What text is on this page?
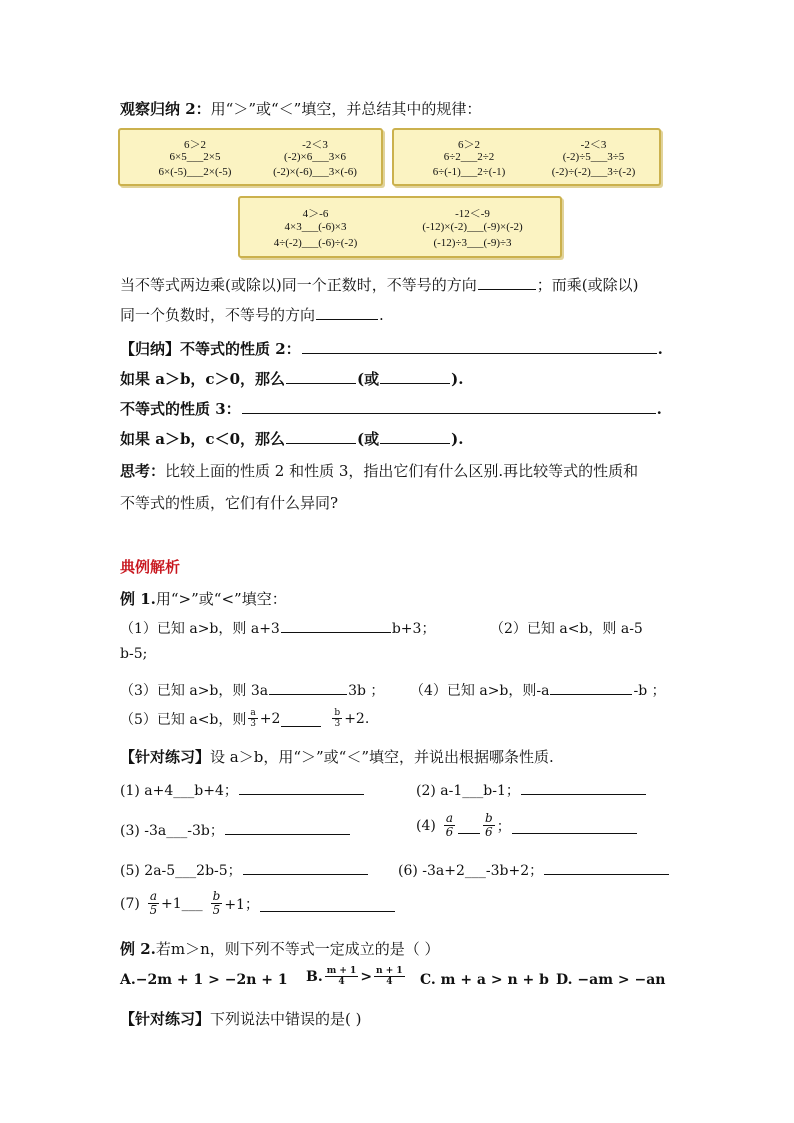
观察归纳 2：用“＞”或“＜”填空，并总结其中的规律：
6＞2
6×5___2×5
6×(-5)___2×(-5)
-2＜3
(-2)×6___3×6
(-2)×(-6)___3×(-6)
6＞2
6÷2___2÷2
6÷(-1)___2÷(-1)
-2＜3
(-2)÷5___3÷5
(-2)÷(-2)___3÷(-2)
4＞-6
4×3___(-6)×3
4÷(-2)___(-6)÷(-2)
-12＜-9
(-12)×(-2)___(-9)×(-2)
(-12)÷3___(-9)÷3
当不等式两边乘(或除以)同一个正数时，不等号的方向	；而乘(或除以)
同一个负数时，不等号的方向	.
【归纳】不等式的性质 2：	.
如果 a＞b，c＞0，那么	(或	).
不等式的性质 3：	.
如果 a＞b，c＜0，那么	(或	).
思考：比较上面的性质 2 和性质 3，指出它们有什么区别.再比较等式的性质和
不等式的性质，它们有什么异同?
典例解析
例 1.用“>”或“<”填空：
（1）已知 a>b，则 a+3	b+3；	（2）已知 a<b，则 a-5
b-5;
（3）已知 a>b，则 3a	3b ； （4）已知 a>b，则-a	-b ；
（5）已知 a<b，则 $\frac{a}{3} +2$	$\frac{b}{3} +2$.
【针对练习】设 a＞b，用“＞”或“＜”填空，并说出根据哪条性质.
(1) a+4___b+4；	(2) a-1___b-1；
(3) -3a___-3b；	$(4) \frac{a}{6} \frac{b}{6}$ ；
(5) 2a-5___2b-5；	(6) -3a+2___-3b+2；
$(7) \frac{a}{5}$ +1___ $\frac{b}{5} +1$；
例 2.若m＞n，则下列不等式一定成立的是（ ）
A.−2m + 1 > −2n + 1 B. $\frac{m + 1}{4} > \frac{n + 1}{4} C$. m + a > n + b D. −am > −an
【针对练习】下列说法中错误的是( )
